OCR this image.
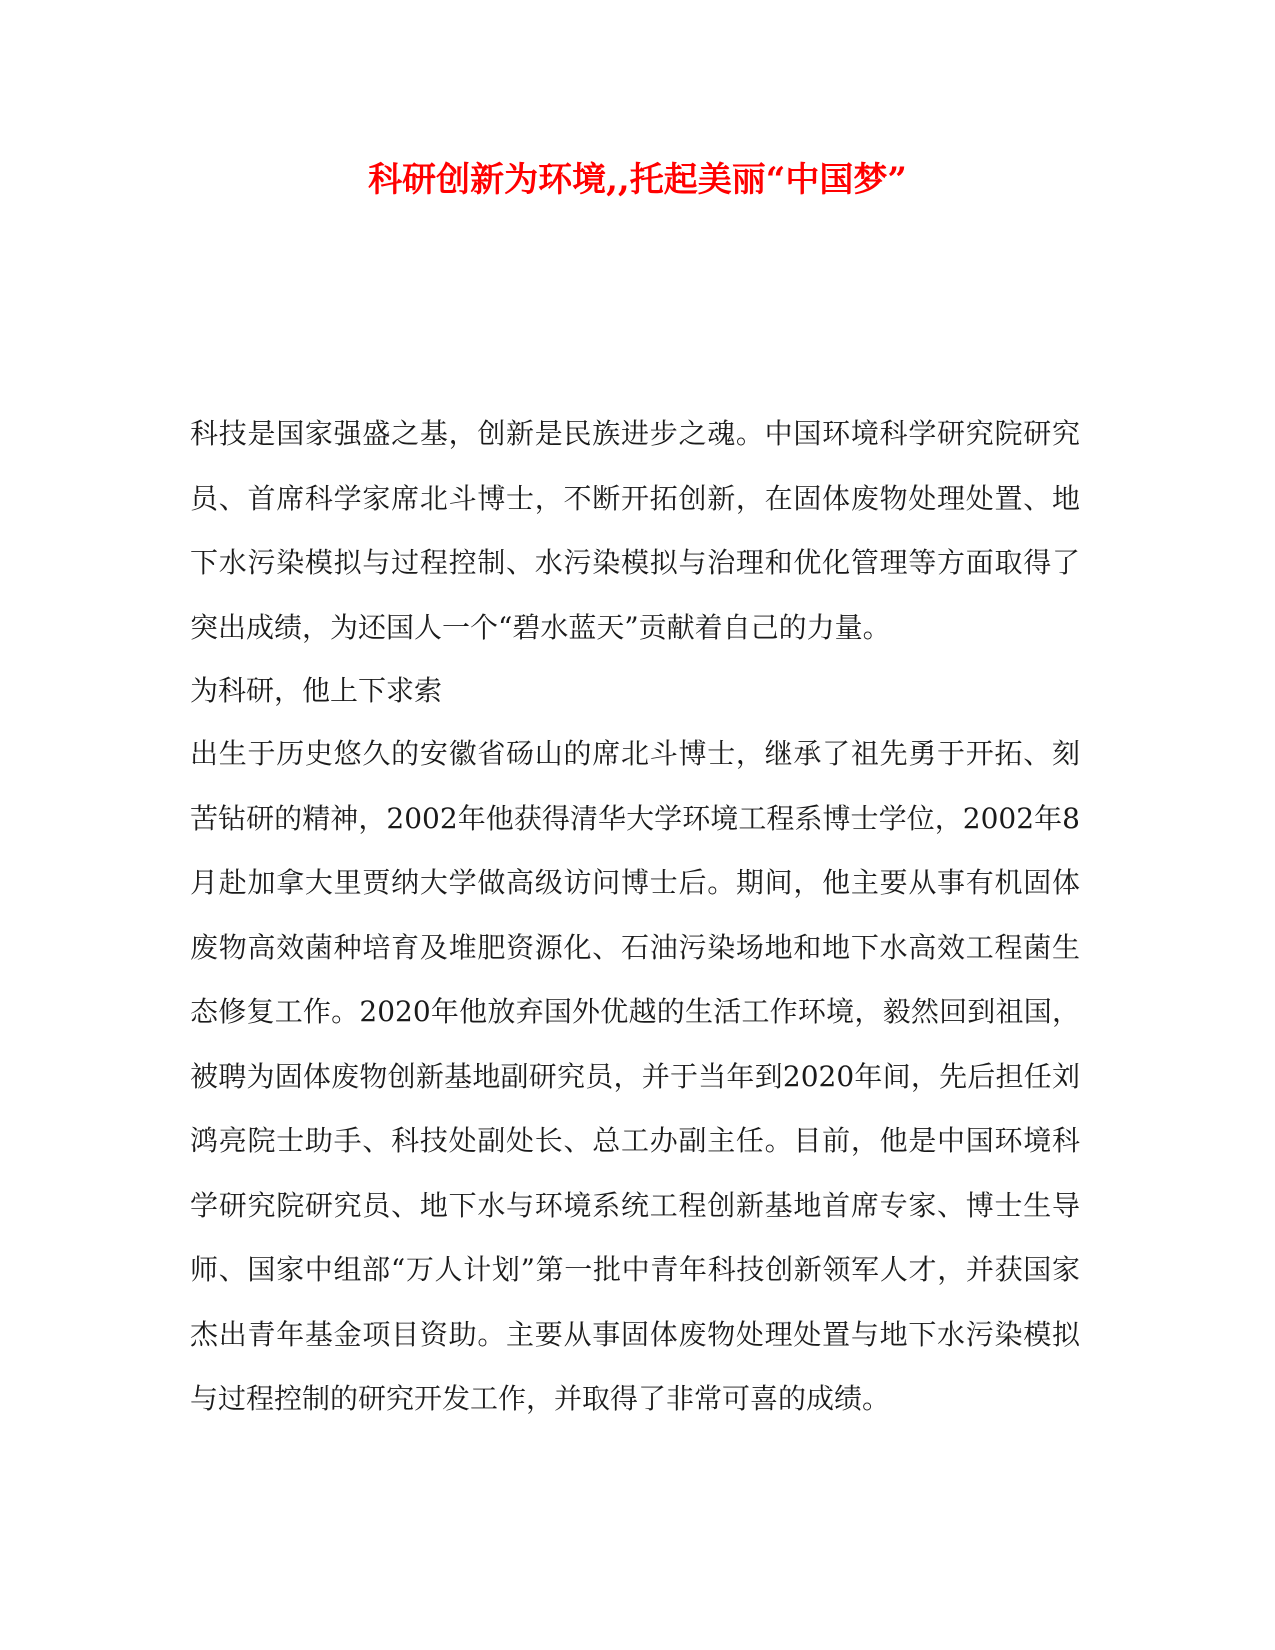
科研创新为环境,,托起美丽“中国梦”

科技是国家强盛之基，创新是民族进步之魂。中国环境科学研究院研究员、首席科学家席北斗博士，不断开拓创新，在固体废物处理处置、地下水污染模拟与过程控制、水污染模拟与治理和优化管理等方面取得了突出成绩，为还国人一个“碧水蓝天”贡献着自己的力量。

为科研，他上下求索

出生于历史悠久的安徽省砀山的席北斗博士，继承了祖先勇于开拓、刻苦钻研的精神，2002年他获得清华大学环境工程系博士学位，2002年8月赴加拿大里贾纳大学做高级访问博士后。期间，他主要从事有机固体废物高效菌种培育及堆肥资源化、石油污染场地和地下水高效工程菌生态修复工作。2020年他放弃国外优越的生活工作环境，毅然回到祖国，被聘为固体废物创新基地副研究员，并于当年到2020年间，先后担任刘鸿亮院士助手、科技处副处长、总工办副主任。目前，他是中国环境科学研究院研究员、地下水与环境系统工程创新基地首席专家、博士生导师、国家中组部“万人计划”第一批中青年科技创新领军人才，并获国家杰出青年基金项目资助。主要从事固体废物处理处置与地下水污染模拟与过程控制的研究开发工作，并取得了非常可喜的成绩。
